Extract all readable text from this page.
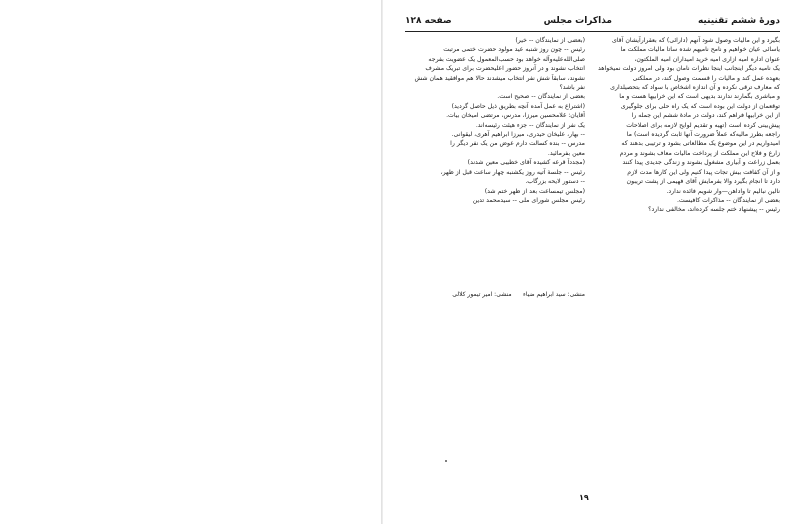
دورهٔ ششم تقنینیه
مذاکرات مجلس
صفحه ۱۲۸
بگیرد و این مالیات وصول شود آنهم (دارائی) که بعقرارآیشان آقای
یاسائی عیان خواهیم و نامح نامیهم شده ساتا مالیات مملکت ما
عنوان اداره امیه ازاری امیه خرید امیداران امیه الملکتون،
یک نامیه دیگر اینجانب اینجا نظرات نامان بود ولی امروز دولت نمیخواهد
بعهده عمل کند و مالیات را قسمت وصول کند، در مملکتی
که معارف ترقی نکرده و آن اندازه اشخاص با سواد که بتحصیلداری
و مباشری بگمارند ندارند بدیهی است که این خرابیها هست و ما
توقعمان از دولت این بوده است که یک راه حلی برای جلوگیری
از این خرابیها فراهم کند، دولت در مادهٔ ششم این جمله را
پیش‌بینی کرده است (تهیه و تقدیم لوایح لازمه برای اصلاحات
راجعه بطرز مالیه‌که عملاً ضرورت آنها ثابت گردیده است) ما
امیدواریم در این موضوع یک مطالعاتی بشود و ترتیبی بدهند که
زارع و فلاح این مملکت از پرداخت مالیات معاف بشوند و مردم
بعمل زراعت و آبیاری مشغول بشوند و زندگی جدیدی پیدا کنند
و از آن کفافت بیش تجات پیدا کنیم ولی این کارها مدت لازم
دارد تا انجام بگیرد والا بفرمایش آقای فهیمی از پشت تریبون
نالین نبالیم تا واداهن—وار شویم فائده ندارد.
بعضی از نمایندگان -- مذاکرات کافیست.
رئیس -- پیشنهاد ختم جلسه کرده‌اند، مخالفی ندارد؟
(بعضی از نمایندگان -- خیر)
رئیس -- چون روز شنبه عید مولود حضرت ختمی مرتبت
صلی‌الله‌علیه‌وآله خواهد بود حسب‌المعمول یک عضویت بفرجه
انتخاب نشوند و در آنروز حضور اعلیحضرت برای تبریک مشرف
نشوند، سابقاً شش نفر انتخاب میشدند حالا هم موافقید همان شش
نفر باشد؟
بعضی از نمایندگان -- صحیح است.
(اشتراع به عمل آمده آنچه بطریق ذیل حاصل گردید)
آقایان: غلامحسین میرزا، مدرس، مرتضی امیخان بیات.
یک نفر از نمایندگان -- جزء هیئت رئیسه‌اند.
-- بهار، علیخان حیدری، میرزا ابراهیم آهری، لیقوانی.
مدرس -- بنده کسالت دارم عوض من یک نفر دیگر را
معین بفرمائید.
(مجدداً قرعه کشیده آقای خطیبی معین شدند)
رئیس -- جلسهٔ آتیه روز یکشنبه چهار ساعت قبل از ظهر،
-- دستور لایحه بزرگاب.
(مجلس تیمساعت بعد از ظهر ختم شد)
رئیس مجلس شورای ملی -- سیدمحمد تدین
منشی: سید ابراهیم ضیاء      منشی: امیر تیمور کلالی
۱۹
